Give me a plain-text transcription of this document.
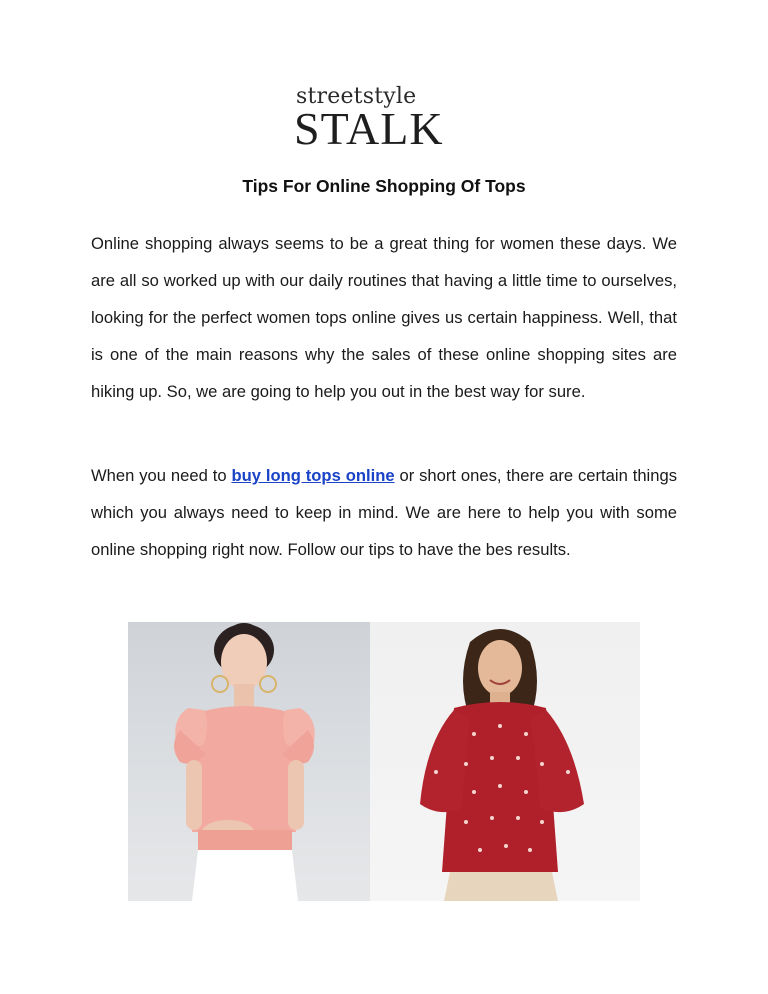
streetstyle
STALK
Tips For Online Shopping Of Tops
Online shopping always seems to be a great thing for women these days. We are all so worked up with our daily routines that having a little time to ourselves, looking for the perfect women tops online gives us certain happiness. Well, that is one of the main reasons why the sales of these online shopping sites are hiking up. So, we are going to help you out in the best way for sure.
When you need to buy long tops online or short ones, there are certain things which you always need to keep in mind. We are here to help you with some online shopping right now. Follow our tips to have the bes results.
